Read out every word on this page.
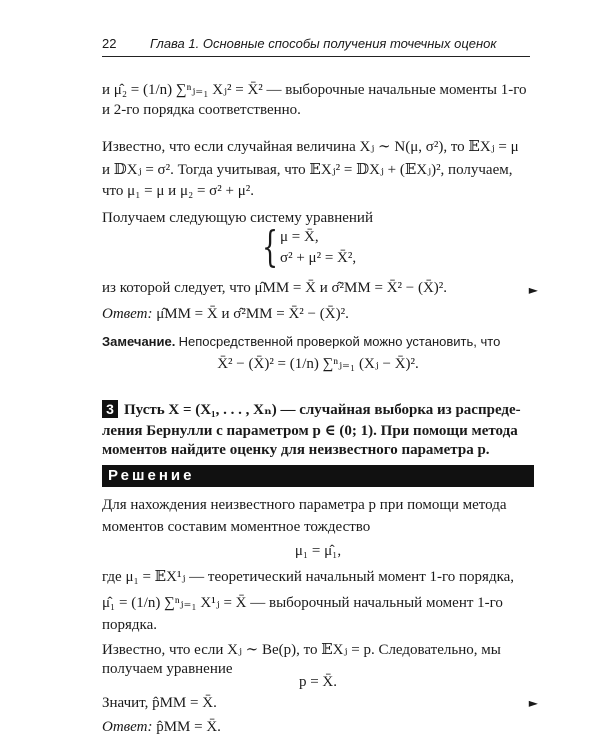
22	Глава 1. Основные способы получения точечных оценок
и μ̂₂ = (1/n) ∑ⁿⱼ₌₁ Xⱼ² = X̄² — выборочные начальные моменты 1-го
и 2-го порядка соответственно.
Известно, что если случайная величина Xⱼ ∼ N(μ, σ²), то 𝔼Xⱼ = μ
и 𝔻Xⱼ = σ². Тогда учитывая, что 𝔼Xⱼ² = 𝔻Xⱼ + (𝔼Xⱼ)², получаем,
что μ₁ = μ и μ₂ = σ² + μ².
Получаем следующую систему уравнений
{ μ = X̄,
σ² + μ² = X̄²,
из которой следует, что μ̂MM = X̄ и σ̂²MM = X̄² − (X̄)².	►
Ответ: μ̂MM = X̄ и σ̂²MM = X̄² − (X̄)².
Замечание. Непосредственной проверкой можно установить, что
X̄² − (X̄)² = (1/n) ∑ⁿⱼ₌₁ (Xⱼ − X̄)².
3 Пусть X = (X₁, . . . , Xₙ) — случайная выборка из распреде-
ления Бернулли с параметром p ∈ (0; 1). При помощи метода
моментов найдите оценку для неизвестного параметра p.
Решение
Для нахождения неизвестного параметра p при помощи метода
моментов составим моментное тождество
μ₁ = μ̂₁,
где μ₁ = 𝔼X¹ⱼ — теоретический начальный момент 1-го порядка,
μ̂₁ = (1/n) ∑ⁿⱼ₌₁ X¹ⱼ = X̄ — выборочный начальный момент 1-го
порядка.
Известно, что если Xⱼ ∼ Be(p), то 𝔼Xⱼ = p. Следовательно, мы
получаем уравнение
p = X̄.
Значит, p̂MM = X̄.	►
Ответ: p̂MM = X̄.
